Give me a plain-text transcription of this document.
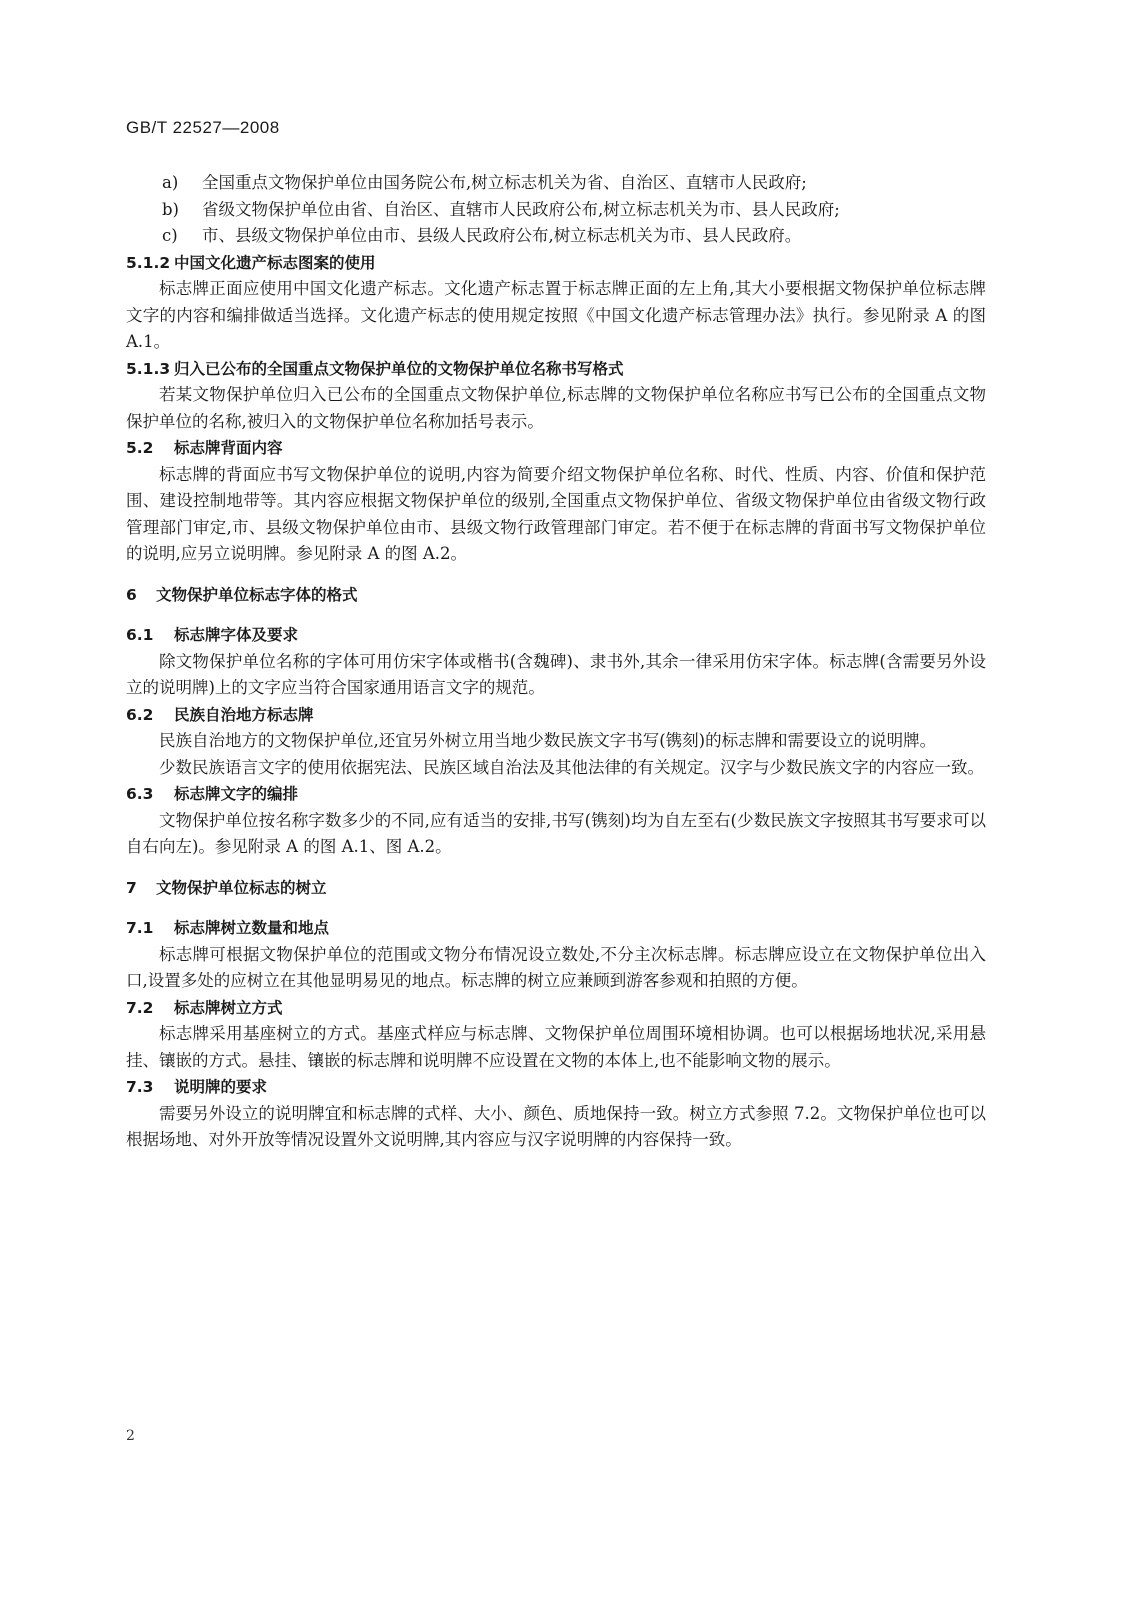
GB/T 22527—2008

a) 全国重点文物保护单位由国务院公布,树立标志机关为省、自治区、直辖市人民政府;

b) 省级文物保护单位由省、自治区、直辖市人民政府公布,树立标志机关为市、县人民政府;

c) 市、县级文物保护单位由市、县级人民政府公布,树立标志机关为市、县人民政府。

5.1.2 中国文化遗产标志图案的使用

标志牌正面应使用中国文化遗产标志。文化遗产标志置于标志牌正面的左上角,其大小要根据文物保护单位标志牌文字的内容和编排做适当选择。文化遗产标志的使用规定按照《中国文化遗产标志管理办法》执行。参见附录 A 的图 A.1。

5.1.3 归入已公布的全国重点文物保护单位的文物保护单位名称书写格式

若某文物保护单位归入已公布的全国重点文物保护单位,标志牌的文物保护单位名称应书写已公布的全国重点文物保护单位的名称,被归入的文物保护单位名称加括号表示。

5.2 标志牌背面内容

标志牌的背面应书写文物保护单位的说明,内容为简要介绍文物保护单位名称、时代、性质、内容、价值和保护范围、建设控制地带等。其内容应根据文物保护单位的级别,全国重点文物保护单位、省级文物保护单位由省级文物行政管理部门审定,市、县级文物保护单位由市、县级文物行政管理部门审定。若不便于在标志牌的背面书写文物保护单位的说明,应另立说明牌。参见附录 A 的图 A.2。

6 文物保护单位标志字体的格式
6.1 标志牌字体及要求

除文物保护单位名称的字体可用仿宋字体或楷书(含魏碑)、隶书外,其余一律采用仿宋字体。标志牌(含需要另外设立的说明牌)上的文字应当符合国家通用语言文字的规范。

6.2 民族自治地方标志牌

民族自治地方的文物保护单位,还宜另外树立用当地少数民族文字书写(镌刻)的标志牌和需要设立的说明牌。

少数民族语言文字的使用依据宪法、民族区域自治法及其他法律的有关规定。汉字与少数民族文字的内容应一致。

6.3 标志牌文字的编排

文物保护单位按名称字数多少的不同,应有适当的安排,书写(镌刻)均为自左至右(少数民族文字按照其书写要求可以自右向左)。参见附录 A 的图 A.1、图 A.2。

7 文物保护单位标志的树立
7.1 标志牌树立数量和地点

标志牌可根据文物保护单位的范围或文物分布情况设立数处,不分主次标志牌。标志牌应设立在文物保护单位出入口,设置多处的应树立在其他显明易见的地点。标志牌的树立应兼顾到游客参观和拍照的方便。

7.2 标志牌树立方式

标志牌采用基座树立的方式。基座式样应与标志牌、文物保护单位周围环境相协调。也可以根据场地状况,采用悬挂、镶嵌的方式。悬挂、镶嵌的标志牌和说明牌不应设置在文物的本体上,也不能影响文物的展示。

7.3 说明牌的要求

需要另外设立的说明牌宜和标志牌的式样、大小、颜色、质地保持一致。树立方式参照 7.2。文物保护单位也可以根据场地、对外开放等情况设置外文说明牌,其内容应与汉字说明牌的内容保持一致。

2
